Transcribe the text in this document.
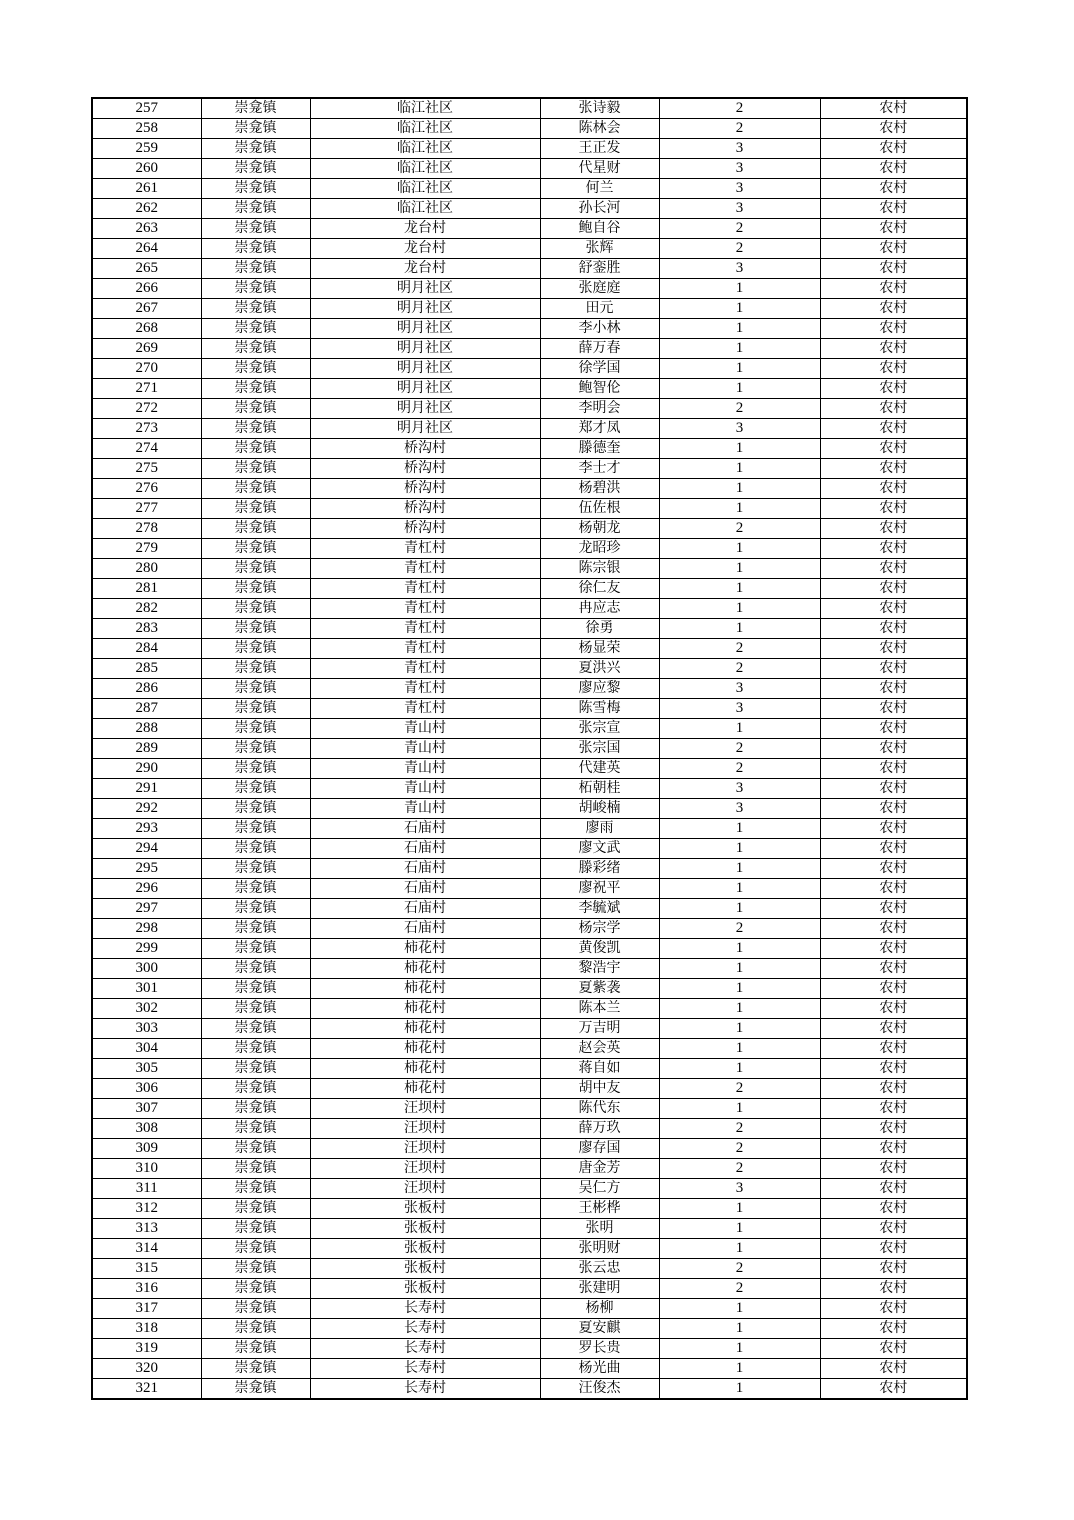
257	崇龛镇	临江社区	张诗毅	2	农村
258	崇龛镇	临江社区	陈林会	2	农村
259	崇龛镇	临江社区	王正发	3	农村
260	崇龛镇	临江社区	代星财	3	农村
261	崇龛镇	临江社区	何兰	3	农村
262	崇龛镇	临江社区	孙长河	3	农村
263	崇龛镇	龙台村	鲍自谷	2	农村
264	崇龛镇	龙台村	张辉	2	农村
265	崇龛镇	龙台村	舒銮胜	3	农村
266	崇龛镇	明月社区	张庭庭	1	农村
267	崇龛镇	明月社区	田元	1	农村
268	崇龛镇	明月社区	李小林	1	农村
269	崇龛镇	明月社区	薛万春	1	农村
270	崇龛镇	明月社区	徐学国	1	农村
271	崇龛镇	明月社区	鲍智伦	1	农村
272	崇龛镇	明月社区	李明会	2	农村
273	崇龛镇	明月社区	郑才凤	3	农村
274	崇龛镇	桥沟村	滕德奎	1	农村
275	崇龛镇	桥沟村	李士才	1	农村
276	崇龛镇	桥沟村	杨碧洪	1	农村
277	崇龛镇	桥沟村	伍佐根	1	农村
278	崇龛镇	桥沟村	杨朝龙	2	农村
279	崇龛镇	青杠村	龙昭珍	1	农村
280	崇龛镇	青杠村	陈宗银	1	农村
281	崇龛镇	青杠村	徐仁友	1	农村
282	崇龛镇	青杠村	冉应志	1	农村
283	崇龛镇	青杠村	徐勇	1	农村
284	崇龛镇	青杠村	杨显荣	2	农村
285	崇龛镇	青杠村	夏洪兴	2	农村
286	崇龛镇	青杠村	廖应黎	3	农村
287	崇龛镇	青杠村	陈雪梅	3	农村
288	崇龛镇	青山村	张宗宣	1	农村
289	崇龛镇	青山村	张宗国	2	农村
290	崇龛镇	青山村	代建英	2	农村
291	崇龛镇	青山村	柘朝桂	3	农村
292	崇龛镇	青山村	胡峻楠	3	农村
293	崇龛镇	石庙村	廖雨	1	农村
294	崇龛镇	石庙村	廖文武	1	农村
295	崇龛镇	石庙村	滕彩绪	1	农村
296	崇龛镇	石庙村	廖祝平	1	农村
297	崇龛镇	石庙村	李毓斌	1	农村
298	崇龛镇	石庙村	杨宗学	2	农村
299	崇龛镇	柿花村	黄俊凯	1	农村
300	崇龛镇	柿花村	黎浩宇	1	农村
301	崇龛镇	柿花村	夏紫袭	1	农村
302	崇龛镇	柿花村	陈本兰	1	农村
303	崇龛镇	柿花村	万吉明	1	农村
304	崇龛镇	柿花村	赵会英	1	农村
305	崇龛镇	柿花村	蒋自如	1	农村
306	崇龛镇	柿花村	胡中友	2	农村
307	崇龛镇	汪坝村	陈代东	1	农村
308	崇龛镇	汪坝村	薛万玖	2	农村
309	崇龛镇	汪坝村	廖存国	2	农村
310	崇龛镇	汪坝村	唐金芳	2	农村
311	崇龛镇	汪坝村	吴仁方	3	农村
312	崇龛镇	张板村	王彬桦	1	农村
313	崇龛镇	张板村	张明	1	农村
314	崇龛镇	张板村	张明财	1	农村
315	崇龛镇	张板村	张云忠	2	农村
316	崇龛镇	张板村	张建明	2	农村
317	崇龛镇	长寿村	杨柳	1	农村
318	崇龛镇	长寿村	夏安麒	1	农村
319	崇龛镇	长寿村	罗长贵	1	农村
320	崇龛镇	长寿村	杨光曲	1	农村
321	崇龛镇	长寿村	汪俊杰	1	农村
